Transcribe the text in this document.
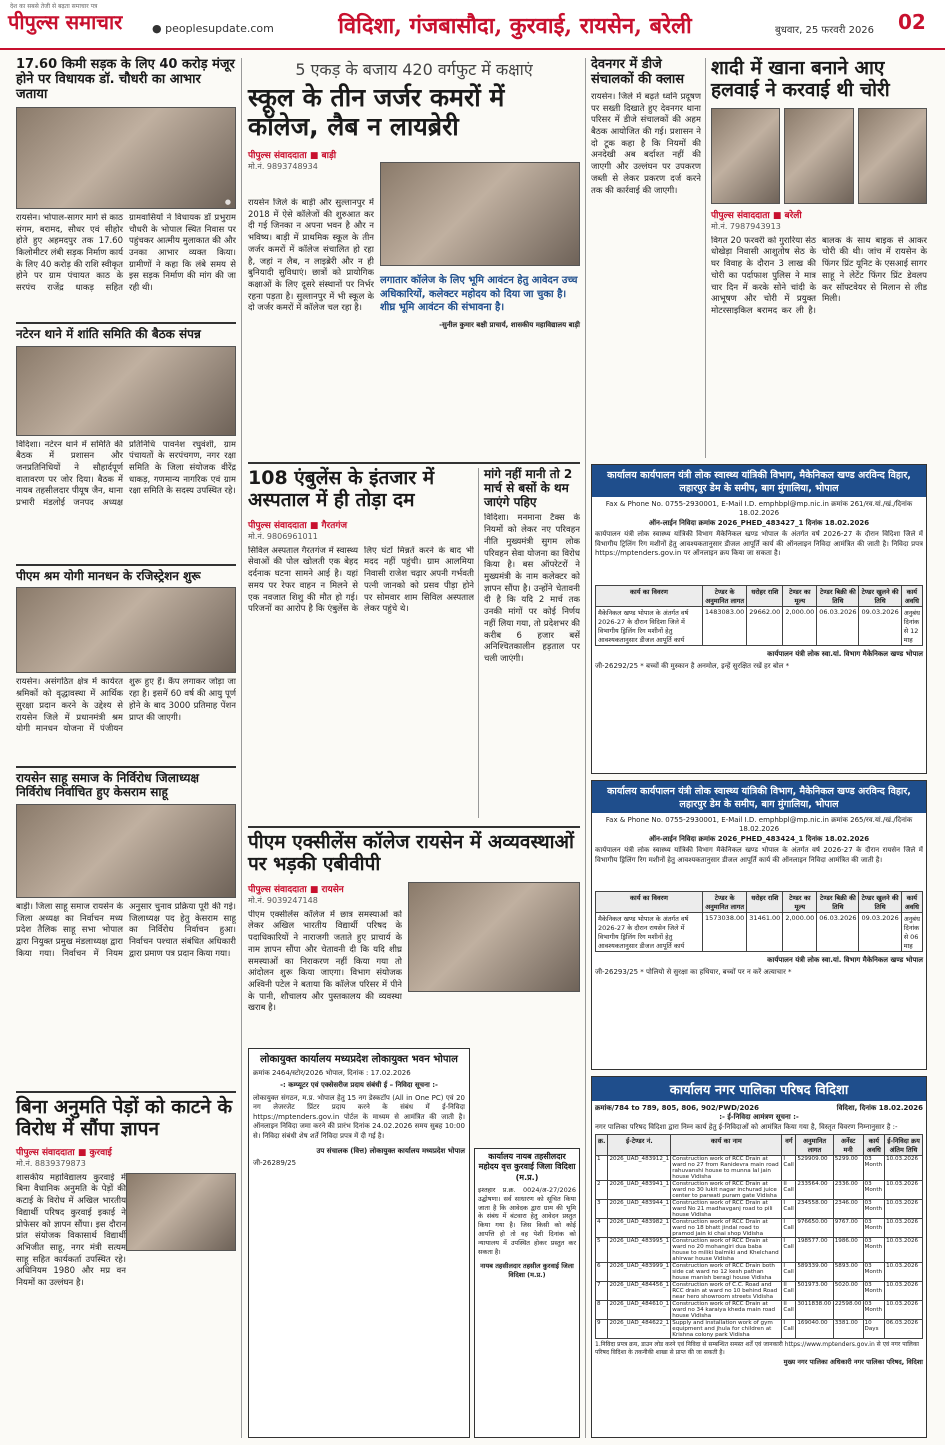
देश का सबसे तेजी से बढ़ता समाचार पत्र
पीपुल्स समाचार	● peoplesupdate.com	विदिशा, गंजबासौदा, कुरवाई, रायसेन, बरेली	बुधवार, 25 फरवरी 2026 02
17.60 किमी सड़क के लिए 40 करोड़ मंजूर होने पर विधायक डॉ. चौधरी का आभार जताया
●
रायसेन। भोपाल-सागर मार्ग से काठ संगम, बरामद, सौधर एवं सीहोर होते हुए अहमदपुर तक 17.60 किलोमीटर लंबी सड़क निर्माण कार्य के लिए 40 करोड़ की राशि स्वीकृत होने पर ग्राम पंचायत काठ के सरपंच राजेंद्र धाकड़ सहित ग्रामवासियों ने विधायक डॉ प्रभुराम चौधरी के भोपाल स्थित निवास पर पहुंचकर आत्मीय मुलाकात की और उनका आभार व्यक्त किया। ग्रामीणों ने कहा कि लंबे समय से इस सड़क निर्माण की मांग की जा रही थी।
नटेरन थाने में शांति समिति की बैठक संपन्न
विदिशा। नटेरन थाने में समिति की बैठक में प्रशासन और जनप्रतिनिधियों ने सौहार्दपूर्ण वातावरण पर जोर दिया। बैठक में नायब तहसीलदार पीयूष जैन, थाना प्रभारी मंडलोई जनपद अध्यक्ष प्रतिनिधि पावनेश रघुवंशी, ग्राम पंचायतों के सरपंचगण, नगर रक्षा समिति के जिला संयोजक वीरेंद्र धाकड़, गणमान्य नागरिक एवं ग्राम रक्षा समिति के सदस्य उपस्थित रहे।
पीएम श्रम योगी मानधन के रजिस्ट्रेशन शुरू
रायसेन। असंगठित क्षेत्र में कार्यरत श्रमिकों को वृद्धावस्था में आर्थिक सुरक्षा प्रदान करने के उद्देश्य से रायसेन जिले में प्रधानमंत्री श्रम योगी मानधन योजना में पंजीयन शुरू हुए हैं। कैंप लगाकर जोड़ा जा रहा है। इसमें 60 वर्ष की आयु पूर्ण होने के बाद 3000 प्रतिमाह पेंशन प्राप्त की जाएगी।
रायसेन साहू समाज के निर्विरोध जिलाध्यक्ष निर्विरोध निर्वाचित हुए केसराम साहू
बाड़ी। जिला साहू समाज रायसेन के जिला अध्यक्ष का निर्वाचन मध्य प्रदेश तैलिक साहू सभा भोपाल द्वारा नियुक्त प्रमुख मंडलाध्यक्ष द्वारा किया गया। निर्वाचन में नियम अनुसार चुनाव प्रक्रिया पूरी की गई। जिलाध्यक्ष पद हेतु केसराम साहू का निर्विरोध निर्वाचन हुआ। निर्वाचन पश्चात संबंधित अधिकारी द्वारा प्रमाण पत्र प्रदान किया गया।
बिना अनुमति पेड़ों को काटने के विरोध में सौंपा ज्ञापन
पीपुल्स संवाददाता ■ कुरवाई
मो.नं. 8839379873
शासकीय महाविद्यालय कुरवाई में बिना वैधानिक अनुमति के पेड़ों की कटाई के विरोध में अखिल भारतीय विद्यार्थी परिषद कुरवाई इकाई ने प्रोफेसर को ज्ञापन सौंपा। इस दौरान प्रांत संयोजक विकासार्थ विद्यार्थी अभिजीत साहू, नगर मंत्री सत्यम साहू सहित कार्यकर्ता उपस्थित रहे। अधिनियम 1980 और मप्र वन नियमों का उल्लंघन है।
5 एकड़ के बजाय 420 वर्गफुट में कक्षाएं
स्कूल के तीन जर्जर कमरों में कॉलेज, लैब न लायब्रेरी
पीपुल्स संवाददाता ■ बाड़ी
मो.नं. 9893748934
रायसेन जिले के बाड़ी और सुल्तानपुर में 2018 में ऐसे कॉलेजों की शुरुआत कर दी गई जिनका न अपना भवन है और न भविष्य। बाड़ी में प्राथमिक स्कूल के तीन जर्जर कमरों में कॉलेज संचालित हो रहा है, जहां न लैब, न लाइब्रेरी और न ही बुनियादी सुविधाएं। छात्रों को प्रायोगिक कक्षाओं के लिए दूसरे संस्थानों पर निर्भर रहना पड़ता है। सुल्तानपुर में भी स्कूल के दो जर्जर कमरों में कॉलेज चल रहा है।
लगातार कॉलेज के लिए भूमि आवंटन हेतु आवेदन उच्च अधिकारियों, कलेक्टर महोदय को दिया जा चुका है। शीघ्र भूमि आवंटन की संभावना है।
-सुनील कुमार बक्षी प्राचार्य, शासकीय महाविद्यालय बाड़ी
108 एंबुलेंस के इंतजार में अस्पताल में ही तोड़ा दम
पीपुल्स संवाददाता ■ गैरतगंज
मो.नं. 9806961011
सिविल अस्पताल गैरतगंज में स्वास्थ्य सेवाओं की पोल खोलती एक बेहद दर्दनाक घटना सामने आई है। यहां समय पर रेफर वाहन न मिलने से एक नवजात शिशु की मौत हो गई। परिजनों का आरोप है कि एंबुलेंस के लिए घंटों मिन्नतें करने के बाद भी मदद नहीं पहुंची। ग्राम आलमिया निवासी राजेश चढ़ार अपनी गर्भवती पत्नी जानको को प्रसव पीड़ा होने पर सोमवार शाम सिविल अस्पताल लेकर पहुंचे थे।
मांगे नहीं मानी तो 2 मार्च से बसों के थम जाएंगे पहिए
विदिशा। मनमाना टैक्स के नियमों को लेकर नए परिवहन नीति मुख्यमंत्री सुगम लोक परिवहन सेवा योजना का विरोध किया है। बस ऑपरेटरों ने मुख्यमंत्री के नाम कलेक्टर को ज्ञापन सौंपा है। उन्होंने चेतावनी दी है कि यदि 2 मार्च तक उनकी मांगों पर कोई निर्णय नहीं लिया गया, तो प्रदेशभर की करीब 6 हजार बसें अनिश्चितकालीन हड़ताल पर चली जाएंगी।
पीएम एक्सीलेंस कॉलेज रायसेन में अव्यवस्थाओं पर भड़की एबीवीपी
पीपुल्स संवाददाता ■ रायसेन
मो.नं. 9039247148
पीएम एक्सीलेंस कॉलेज में छात्र समस्याओं को लेकर अखिल भारतीय विद्यार्थी परिषद के पदाधिकारियों ने नाराजगी जताते हुए प्राचार्य के नाम ज्ञापन सौंपा और चेतावनी दी कि यदि शीघ्र समस्याओं का निराकरण नहीं किया गया तो आंदोलन शुरू किया जाएगा। विभाग संयोजक अश्विनी पटेल ने बताया कि कॉलेज परिसर में पीने के पानी, शौचालय और पुस्तकालय की व्यवस्था खराब है।
लोकायुक्त कार्यालय मध्यप्रदेश लोकायुक्त भवन भोपाल
क्रमांक 2464/स्टोर/2026 भोपाल, दिनांक : 17.02.2026
-: कम्प्यूटर एवं एक्सेसरीज प्रदाय संबंधी ई – निविदा सूचना :-
लोकायुक्त संगठन, म.प्र. भोपाल हेतु 15 नग डेस्कटॉप (All in One PC) एवं 20 नग लेजरजेट प्रिंटर प्रदाय करने के संबंध में ई-निविदा https://mptenders.gov.in पोर्टल के माध्यम से आमंत्रित की जाती है। ऑनलाइन निविदा जमा करने की प्रारंभ दिनांक 24.02.2026 समय सुबह 10:00 से। निविदा संबंधी शेष शर्ते निविदा प्रपत्र में दी गई है।
उप संचालक (वित्त) लोकायुक्त कार्यालय मध्यप्रदेश भोपाल
जी-26289/25
कार्यालय नायब तहसीलदार महोदय वृत्त कुरवाई जिला विदिशा (म.प्र.)
इश्तहार प्र.क्र. 0024/अ-27/2026 उद्घोषणा। सर्व साधारण को सूचित किया जाता है कि आवेदक द्वारा ग्राम की भूमि के संबंध में बंटवारा हेतु आवेदन प्रस्तुत किया गया है। जिस किसी को कोई आपत्ति हो तो वह पेशी दिनांक को न्यायालय में उपस्थित होकर प्रस्तुत कर सकता है।
नायब तहसीलदार तहसील कुरवाई जिला विदिशा (म.प्र.)
देवनगर में डीजे संचालकों की क्लास
रायसेन। जिले में बढ़ते ध्वनि प्रदूषण पर सख्ती दिखाते हुए देवनगर थाना परिसर में डीजे संचालकों की अहम बैठक आयोजित की गई। प्रशासन ने दो टूक कहा है कि नियमों की अनदेखी अब बर्दाश्त नहीं की जाएगी और उल्लंघन पर उपकरण जब्ती से लेकर प्रकरण दर्ज करने तक की कार्रवाई की जाएगी।
शादी में खाना बनाने आए हलवाई ने करवाई थी चोरी
पीपुल्स संवाददाता ■ बरेली
मो.नं. 7987943913
विगत 20 फरवरी को गुरारिया सेठ धोखेड़ा निवासी आशुतोष सेठ के घर विवाह के दौरान 3 लाख की चोरी का पर्दाफाश पुलिस ने मात्र चार दिन में करके सोने चांदी के आभूषण और चोरी में प्रयुक्त मोटरसाइकिल बरामद कर ली है। बालक के साथ बाइक से आकर चोरी की थी। जांच में रायसेन के फिंगर प्रिंट यूनिट के एसआई सागर साहू ने लेटेंट फिंगर प्रिंट डेवलप कर सॉफ्टवेयर से मिलान से लीड मिली।
कार्यालय कार्यपालन यंत्री लोक स्वास्थ्य यांत्रिकी विभाग, मैकेनिकल खण्ड अरविन्द विहार, लहारपुर डेम के समीप, बाग मुंगालिया, भोपाल
Fax & Phone No. 0755-2930001, E-Mail I.D. emphbpl@mp.nic.in क्रमांक 261/रव.यां./खं./दिनांक 18.02.2026
ऑन-लाईन निविदा क्रमांक 2026_PHED_483427_1 दिनांक 18.02.2026
कार्यपालन यंत्री लोक स्वास्थ्य यांत्रिकी विभाग मैकेनिकल खण्ड भोपाल के अंतर्गत वर्ष 2026-27 के दौरान विदिशा जिले में विभागीय ट्रिलिंग रिग मशीनों हेतु आवश्यकतानुसार डीजल आपूर्ति कार्य की ऑनलाइन निविदा आमंत्रित की जाती है। निविदा प्रपत्र https://mptenders.gov.in पर ऑनलाइन क्रय किया जा सकता है।
कार्य का विवरण	टेण्डर के अनुमानित लागत	धरोहर राशि	टेण्डर का मूल्य	टेण्डर बिक्री की तिथि	टेण्डर खुलने की तिथि	कार्य अवधि
मैकेनिकल खण्ड भोपाल के अंतर्गत वर्ष 2026-27 के दौरान विदिशा जिले में विभागीय ड्रिलिंग रिग मशीनों हेतु आवश्यकतानुसार डीजल आपूर्ति कार्य	1483083.00	29662.00	2,000.00	06.03.2026	09.03.2026	अनुबंध दिनांक से 12 माह
कार्यपालन यंत्री लोक स्वा.यां. विभाग मैकेनिकल खण्ड भोपाल
जी-26292/25 * बच्चों की मुस्कान है अनमोल, इन्हें सुरक्षित रखें हर बोल *
कार्यालय कार्यपालन यंत्री लोक स्वास्थ्य यांत्रिकी विभाग, मैकेनिकल खण्ड अरविन्द विहार, लहारपुर डेम के समीप, बाग मुंगालिया, भोपाल
Fax & Phone No. 0755-2930001, E-Mail I.D. emphbpl@mp.nic.in क्रमांक 265/रव.यां./खं./दिनांक 18.02.2026
ऑन-लाईन निविदा क्रमांक 2026_PHED_483424_1 दिनांक 18.02.2026
कार्यपालन यंत्री लोक स्वास्थ्य यांत्रिकी विभाग मैकेनिकल खण्ड भोपाल के अंतर्गत वर्ष 2026-27 के दौरान रायसेन जिले में विभागीय ड्रिलिंग रिग मशीनों हेतु आवश्यकतानुसार डीजल आपूर्ति कार्य की ऑनलाइन निविदा आमंत्रित की जाती है।
कार्य का विवरण	टेण्डर के अनुमानित लागत	धरोहर राशि	टेण्डर का मूल्य	टेण्डर बिक्री की तिथि	टेण्डर खुलने की तिथि	कार्य अवधि
मैकेनिकल खण्ड भोपाल के अंतर्गत वर्ष 2026-27 के दौरान रायसेन जिले में विभागीय ड्रिलिंग रिग मशीनों हेतु आवश्यकतानुसार डीजल आपूर्ति कार्य	1573038.00	31461.00	2,000.00	06.03.2026	09.03.2026	अनुबंध दिनांक से 06 माह
कार्यपालन यंत्री लोक स्वा.यां. विभाग मैकेनिकल खण्ड भोपाल
जी-26293/25 * पोलियो से सुरक्षा का हथियार, बच्चों पर न करें अत्याचार *
कार्यालय नगर पालिका परिषद विदिशा
क्रमांक/784 to 789, 805, 806, 902/PWD/2026	विदिशा, दिनांक 18.02.2026
:- ई-निविदा आमंत्रण सूचना :-
नगर पालिका परिषद विदिशा द्वारा निम्न कार्य हेतु ई-निविदाओं को आमंत्रित किया गया है, विस्तृत विवरण निम्नानुसार है :-
क्र.	ई-टेण्डर नं.	कार्य का नाम	वर्ग	अनुमानित लागत	अर्नेस्ट मनी	कार्य अवधि	ई-निविदा क्रय अंतिम तिथि
1	2026_UAD_483912_1	Construction work of RCC Drain at ward no 27 from Ranidevra main road rahuvanshi house to munna lal jain house Vidisha	I Call	529909.00	5299.00	03 Month	10.03.2026
2	2026_UAD_483941_1	Construction work of RCC Drain at ward no 30 lukit nagar inchurad juice center to parwati puram gate Vidisha	II Call	233564.00	2336.00	03 Month	10.03.2026
3	2026_UAD_483944_1	Construction work of RCC Drain at ward No 21 madhavganj road to pili house Vidisha	I Call	234558.00	2346.00	03 Month	10.03.2026
4	2026_UAD_483982_1	Construction work of RCC Drain at ward no 18 bhatt jindal road to pramod jain ki chai shop Vidisha	I Call	976650.00	9767.00	03 Month	10.03.2026
5	2026_UAD_483995_1	Construction work of RCC Drain at ward no 20 mohangiri dua baba house to miliki balmiki and Khelchand ahirwar house Vidisha	I Call	198577.00	1986.00	03 Month	10.03.2026
6	2026_UAD_483999_1	Construction work of RCC Drain both side cat ward no 12 kesh pathan house manish beragi house Vidisha	I Call	589339.00	5893.00	03 Month	10.03.2026
7	2026_UAD_484456_1	Construction work of C.C. Road and RCC drain at ward no 10 behind Road near hero showroom streets Vidisha	II Call	501973.00	5020.00	03 Month	10.03.2026
8	2026_UAD_484610_1	Construction work of RCC Drain at ward no 34 karaiya kheda main road house Vidisha	II Call	3011838.00	22598.00	03 Month	10.03.2026
9	2026_UAD_484622_1	Supply and installation work of gym equipment and jhula for children at Krishna colony park Vidisha	I Call	169040.00	3381.00	10 Days	06.03.2026
1.निविदा प्रपत्र क्रय, डाउन लोड करने एवं निविदा से सम्बन्धित समस्त शर्तें एवं जानकारी https://www.mptenders.gov.in से एवं नगर पालिका परिषद विदिशा के तकनीकी शाखा से प्राप्त की जा सकती है।
मुख्य नगर पालिका अधिकारी नगर पालिका परिषद, विदिशा
